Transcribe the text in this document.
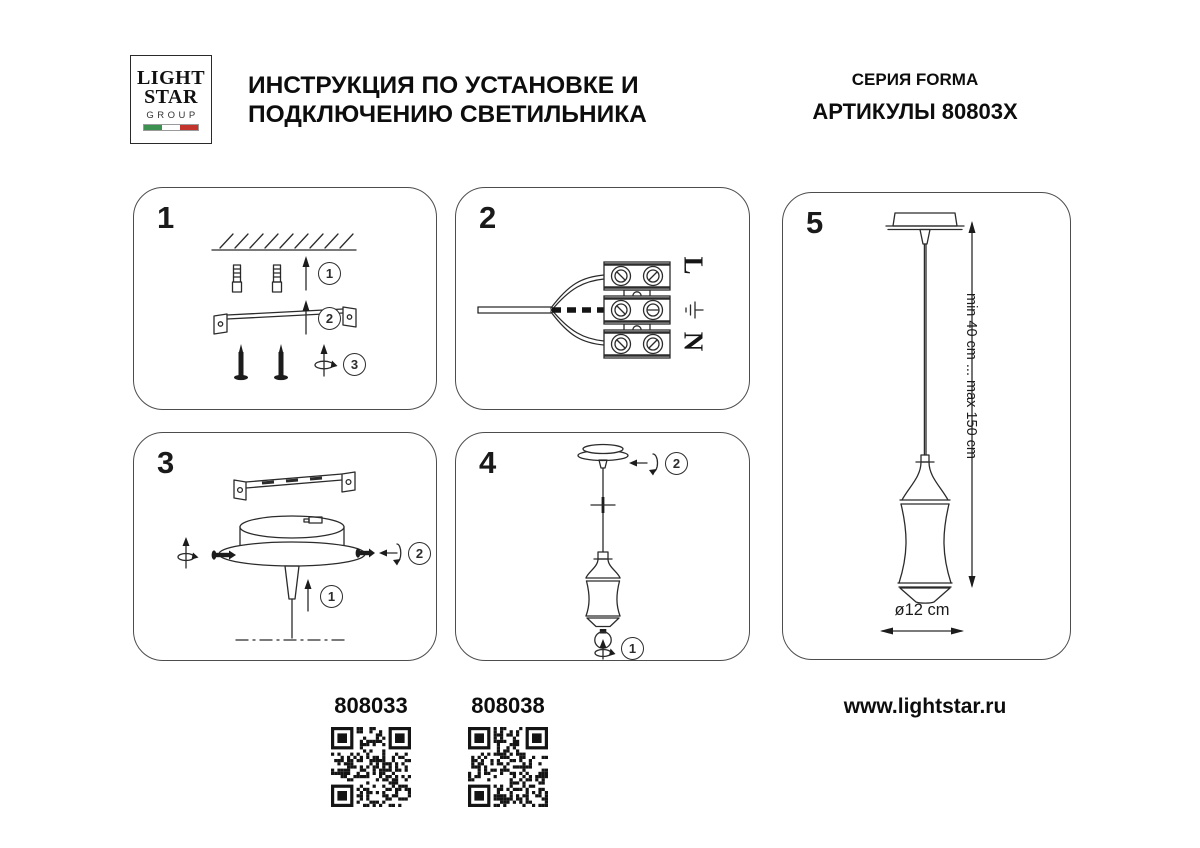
LIGHT
STAR
GROUP
ИНСТРУКЦИЯ ПО УСТАНОВКЕ И
ПОДКЛЮЧЕНИЮ СВЕТИЛЬНИКА
СЕРИЯ FORMA
АРТИКУЛЫ 80803X
1
1
2
3
2
L
N
3
1
2
4	2
1
5
min 40 cm ... max 150 cm
ø12 cm
808033	808038	www.lightstar.ru
